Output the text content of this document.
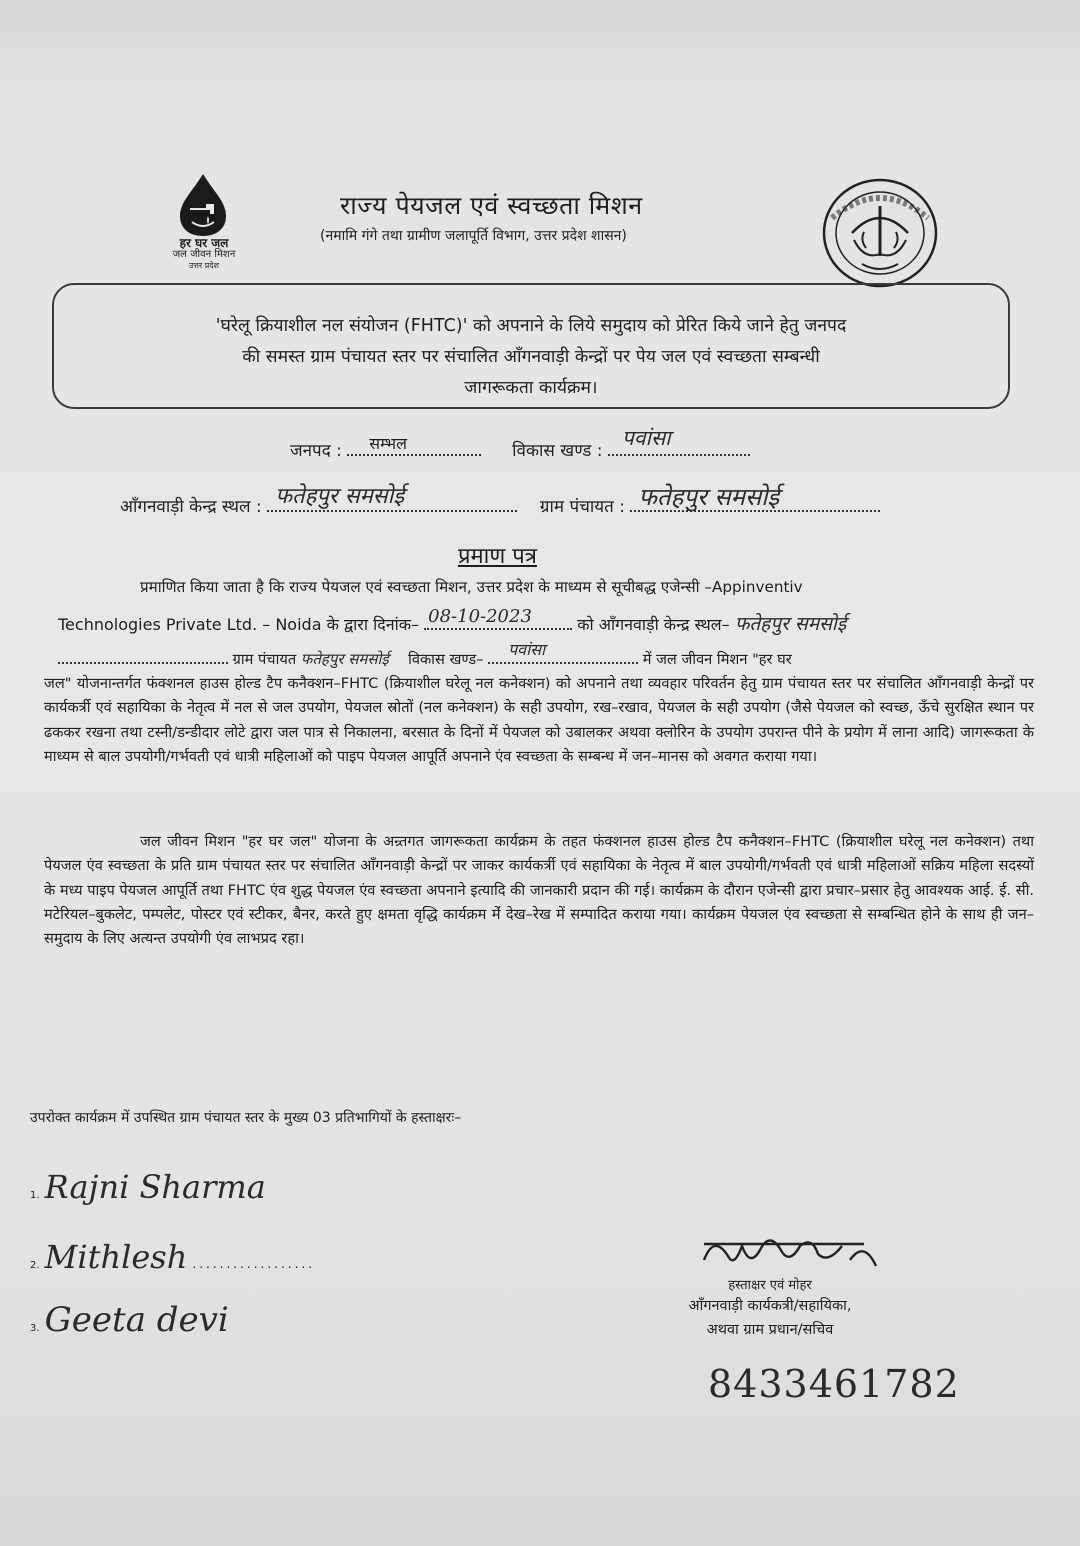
हर घर जल
जल जीवन मिशन
उत्तर प्रदेश
राज्य पेयजल एवं स्वच्छता मिशन
(नमामि गंगे तथा ग्रामीण जलापूर्ति विभाग, उत्तर प्रदेश शासन)
'घरेलू क्रियाशील नल संयोजन (FHTC)' को अपनाने के लिये समुदाय को प्रेरित किये जाने हेतु जनपद
की समस्त ग्राम पंचायत स्तर पर संचालित आँगनवाड़ी केन्द्रों पर पेय जल एवं स्वच्छता सम्बन्धी
जागरूकता कार्यक्रम।
जनपद : सम्भल	विकास खण्ड :
पवांसा
आँगनवाड़ी केन्द्र स्थल : फतेहपुर समसोई	ग्राम पंचायत : फतेहपुर समसोई
प्रमाण पत्र
प्रमाणित किया जाता है कि राज्य पेयजल एवं स्वच्छता मिशन, उत्तर प्रदेश के माध्यम से सूचीबद्ध एजेन्सी –Appinventiv
Technologies Private Ltd. – Noida के द्वारा दिनांक– 08-10-2023	को आँगनवाड़ी केन्द्र स्थल– फतेहपुर समसोई
ग्राम पंचायत फतेहपुर समसोई विकास खण्ड–
पवांसा
में जल जीवन मिशन "हर घर
जल" योजनान्तर्गत फंक्शनल हाउस होल्ड टैप कनैक्शन–FHTC (क्रियाशील घरेलू नल कनेक्शन) को अपनाने तथा व्यवहार परिवर्तन हेतु ग्राम पंचायत स्तर पर संचालित आँगनवाड़ी केन्द्रों पर कार्यकर्त्री एवं सहायिका के नेतृत्व में नल से जल उपयोग, पेयजल स्रोतों (नल कनेक्शन) के सही उपयोग, रख–रखाव, पेयजल के सही उपयोग (जैसे पेयजल को स्वच्छ, ऊँचे सुरक्षित स्थान पर ढककर रखना तथा टस्नी/डन्डीदार लोटे द्वारा जल पात्र से निकालना, बरसात के दिनों में पेयजल को उबालकर अथवा क्लोरिन के उपयोग उपरान्त पीने के प्रयोग में लाना आदि) जागरूकता के माध्यम से बाल उपयोगी/गर्भवती एवं धात्री महिलाओं को पाइप पेयजल आपूर्ति अपनाने एंव स्वच्छता के सम्बन्ध में जन–मानस को अवगत कराया गया।
जल जीवन मिशन "हर घर जल" योजना के अन्र्तगत जागरूकता कार्यक्रम के तहत फंक्शनल हाउस होल्ड टैप कनैक्शन–FHTC (क्रियाशील घरेलू नल कनेक्शन) तथा पेयजल एंव स्वच्छता के प्रति ग्राम पंचायत स्तर पर संचालित आँगनवाड़ी केन्द्रों पर जाकर कार्यकर्त्री एवं सहायिका के नेतृत्व में बाल उपयोगी/गर्भवती एवं धात्री महिलाओं सक्रिय महिला सदस्यों के मध्य पाइप पेयजल आपूर्ति तथा FHTC एंव शुद्ध पेयजल एंव स्वच्छता अपनाने इत्यादि की जानकारी प्रदान की गई। कार्यक्रम के दौरान एजेन्सी द्वारा प्रचार–प्रसार हेतु आवश्यक आई. ई. सी. मटेरियल–बुकलेट, पम्पलेट, पोस्टर एवं स्टीकर, बैनर, करते हुए क्षमता वृद्धि कार्यक्रम मेंं देख–रेख में सम्पादित कराया गया। कार्यक्रम पेयजल एंव स्वच्छता से सम्बन्धित होने के साथ ही जन–समुदाय के लिए अत्यन्त उपयोगी एंव लाभप्रद रहा।
उपरोक्त कार्यक्रम में उपस्थित ग्राम पंचायत स्तर के मुख्य 03 प्रतिभागियों के हस्ताक्षरः–
1. Rajni Sharma
2. Mithlesh ..................
3. Geeta devi
हस्ताक्षर एवं मोहर
आँगनवाड़ी कार्यकत्री/सहायिका,
अथवा ग्राम प्रधान/सचिव
8433461782
